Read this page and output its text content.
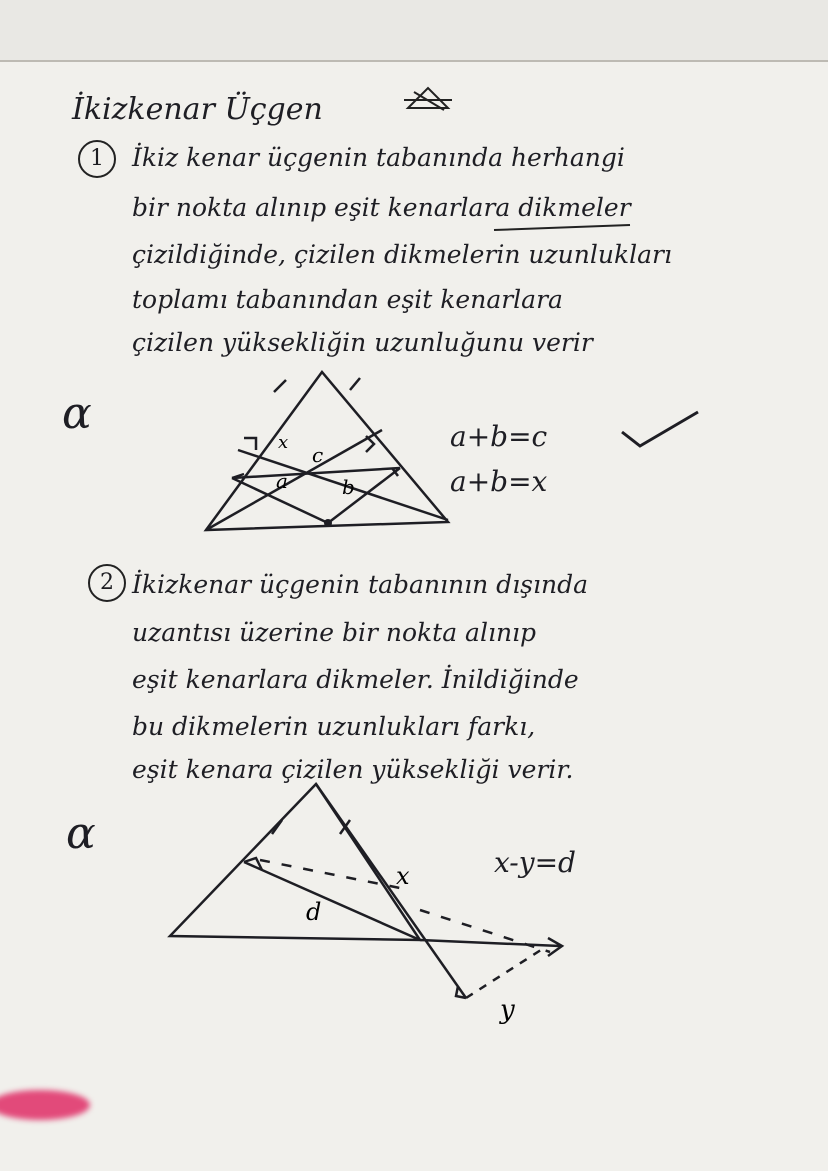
İkizkenar Üçgen
1	İkiz kenar üçgenin tabanında herhangi
bir nokta alınıp eşit kenarlara dikmeler
çizildiğinde, çizilen dikmelerin uzunlukları
toplamı tabanından eşit kenarlara
çizilen yüksekliğin uzunluğunu verir
α
x
c
a	b
a+b=c
a+b=x
2 İkizkenar üçgenin tabanının dışında
uzantısı üzerine bir nokta alınıp
eşit kenarlara dikmeler. İnildiğinde
bu dikmelerin uzunlukları farkı,
eşit kenara çizilen yüksekliği verir.
α
d
x
y
x-y=d
